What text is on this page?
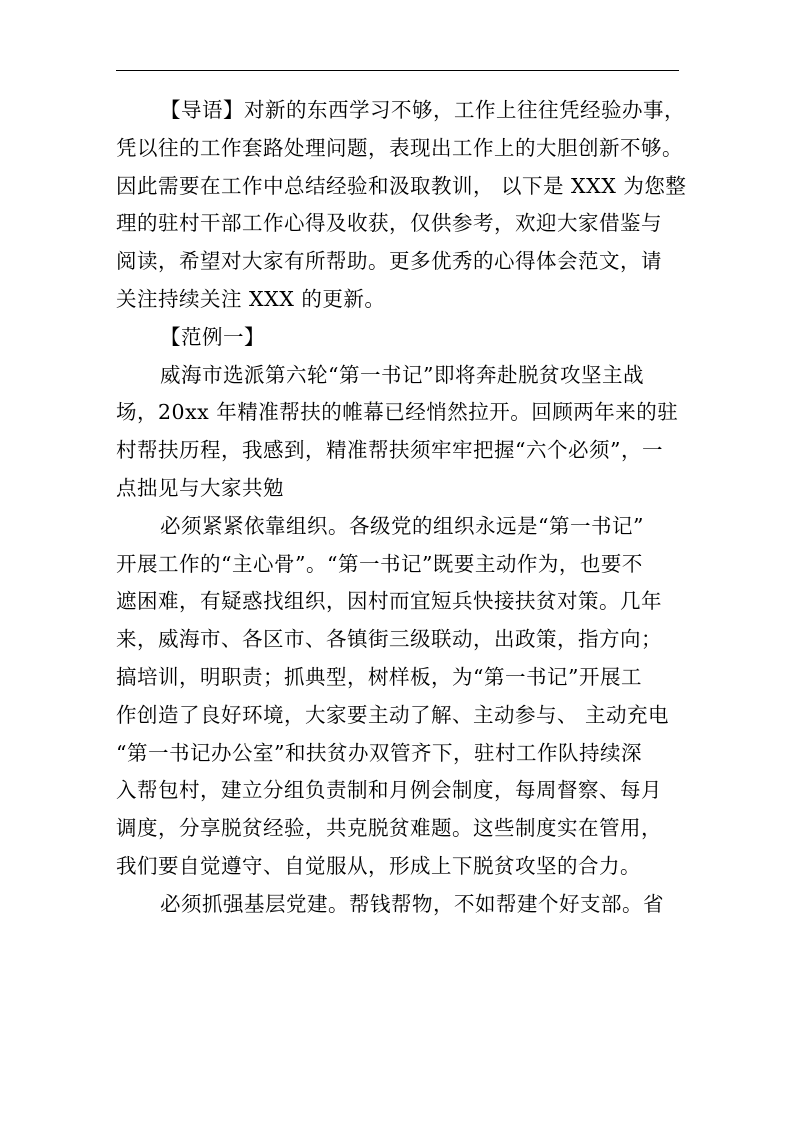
【导语】对新的东西学习不够，工作上往往凭经验办事，
凭以往的工作套路处理问题，表现出工作上的大胆创新不够。
因此需要在工作中总结经验和汲取教训， 以下是 XXX 为您整
理的驻村干部工作心得及收获，仅供参考，欢迎大家借鉴与
阅读，希望对大家有所帮助。更多优秀的心得体会范文，请
关注持续关注 XXX 的更新。
【范例一】
威海市选派第六轮“第一书记”即将奔赴脱贫攻坚主战
场，20xx 年精准帮扶的帷幕已经悄然拉开。回顾两年来的驻
村帮扶历程，我感到，精准帮扶须牢牢把握“六个必须”，一
点拙见与大家共勉
必须紧紧依靠组织。各级党的组织永远是“第一书记”
开展工作的“主心骨”。“第一书记”既要主动作为，也要不
遮困难，有疑惑找组织，因村而宜短兵快接扶贫对策。几年
来，威海市、各区市、各镇街三级联动，出政策，指方向；
搞培训，明职责；抓典型，树样板，为“第一书记”开展工
作创造了良好环境，大家要主动了解、主动参与、 主动充电
“第一书记办公室”和扶贫办双管齐下，驻村工作队持续深
入帮包村，建立分组负责制和月例会制度，每周督察、每月
调度，分享脱贫经验，共克脱贫难题。这些制度实在管用，
我们要自觉遵守、自觉服从，形成上下脱贫攻坚的合力。
必须抓强基层党建。帮钱帮物，不如帮建个好支部。省
